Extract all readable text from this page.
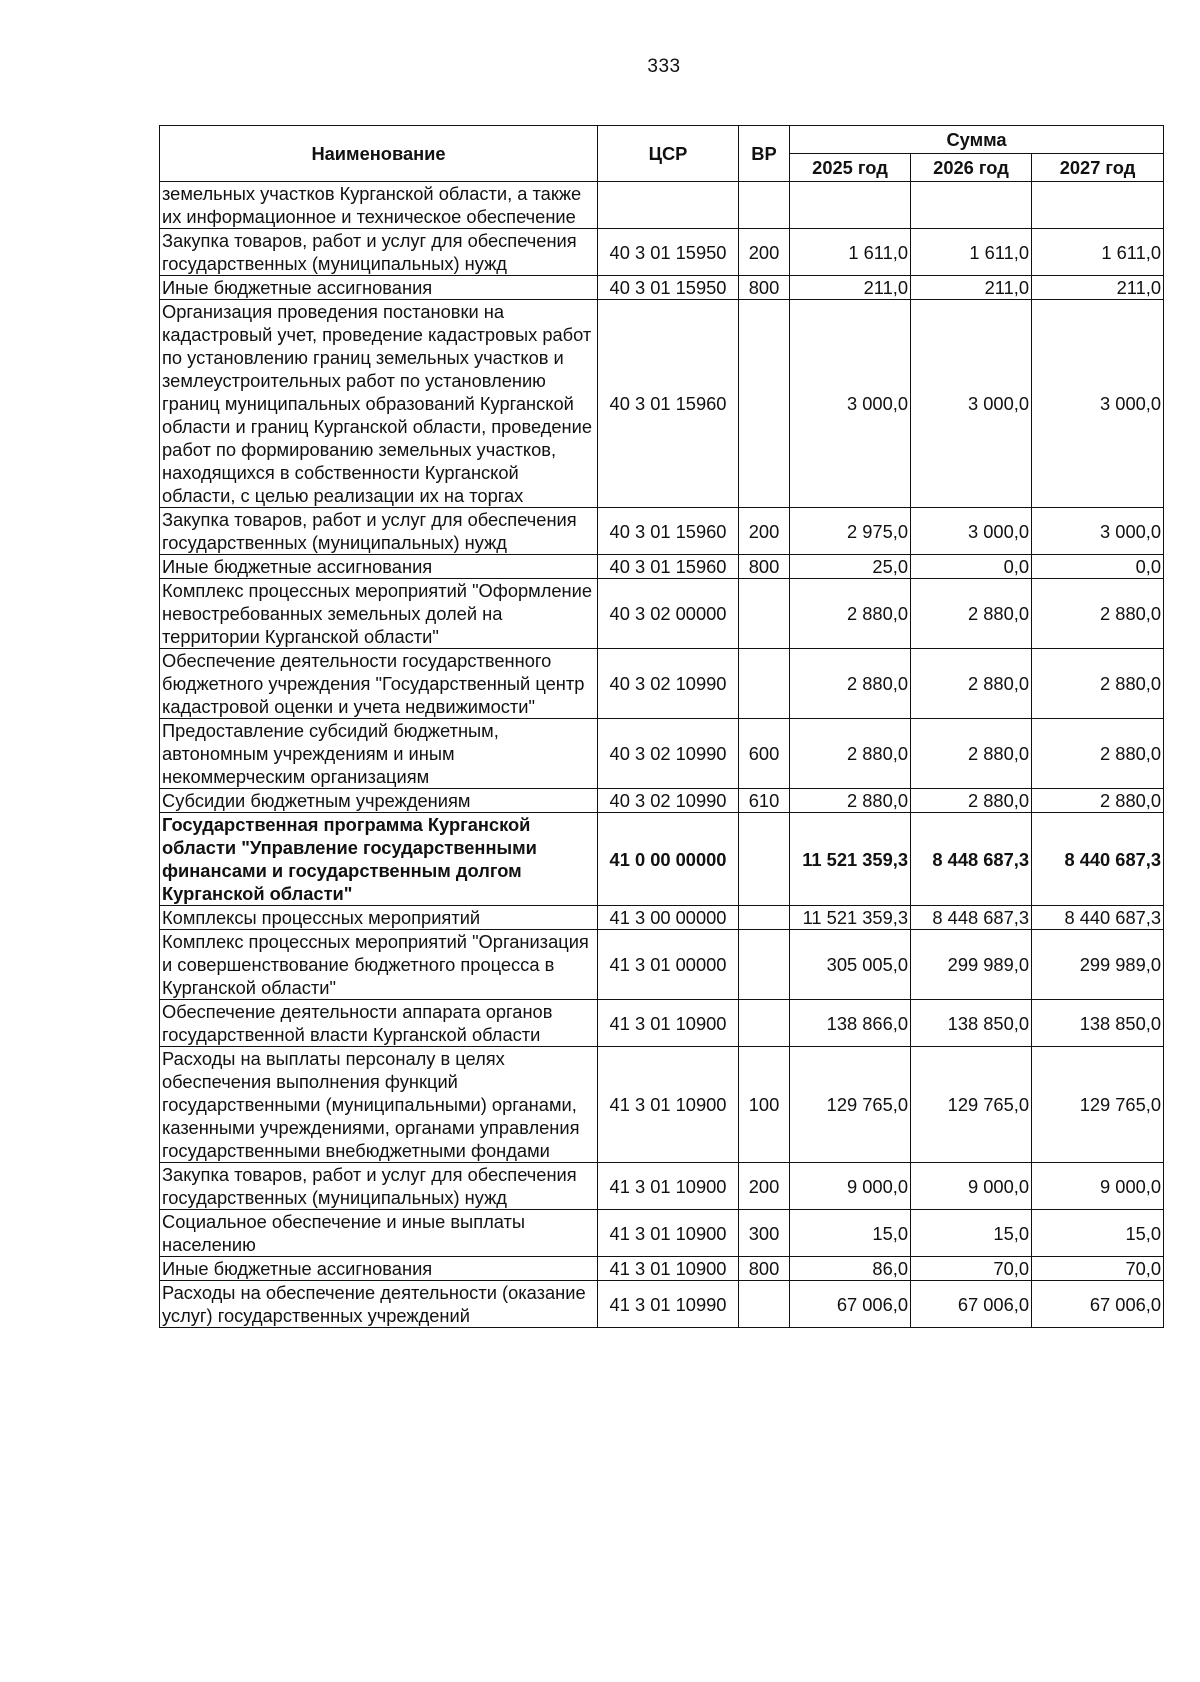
333
Наименование	ЦСР	ВР	Сумма		
			2025 год	2026 год	2027 год
земельных участков Курганской области, а также их информационное и техническое обеспечение					
Закупка товаров, работ и услуг для обеспечения государственных (муниципальных) нужд	40 3 01 15950	200	1 611,0	1 611,0	1 611,0
Иные бюджетные ассигнования	40 3 01 15950	800	211,0	211,0	211,0
Организация проведения постановки на кадастровый учет, проведение кадастровых работ по установлению границ земельных участков и землеустроительных работ по установлению границ муниципальных образований Курганской области и границ Курганской области, проведение работ по формированию земельных участков, находящихся в собственности Курганской области, с целью реализации их на торгах	40 3 01 15960		3 000,0	3 000,0	3 000,0
Закупка товаров, работ и услуг для обеспечения государственных (муниципальных) нужд	40 3 01 15960	200	2 975,0	3 000,0	3 000,0
Иные бюджетные ассигнования	40 3 01 15960	800	25,0	0,0	0,0
Комплекс процессных мероприятий "Оформление невостребованных земельных долей на территории Курганской области"	40 3 02 00000		2 880,0	2 880,0	2 880,0
Обеспечение деятельности государственного бюджетного учреждения "Государственный центр кадастровой оценки и учета недвижимости"	40 3 02 10990		2 880,0	2 880,0	2 880,0
Предоставление субсидий бюджетным, автономным учреждениям и иным некоммерческим организациям	40 3 02 10990	600	2 880,0	2 880,0	2 880,0
Субсидии бюджетным учреждениям	40 3 02 10990	610	2 880,0	2 880,0	2 880,0
Государственная программа Курганской области "Управление государственными финансами и государственным долгом Курганской области"	41 0 00 00000		11 521 359,3	8 448 687,3	8 440 687,3
Комплексы процессных мероприятий	41 3 00 00000		11 521 359,3	8 448 687,3	8 440 687,3
Комплекс процессных мероприятий "Организация и совершенствование бюджетного процесса в Курганской области"	41 3 01 00000		305 005,0	299 989,0	299 989,0
Обеспечение деятельности аппарата органов государственной власти Курганской области	41 3 01 10900		138 866,0	138 850,0	138 850,0
Расходы на выплаты персоналу в целях обеспечения выполнения функций государственными (муниципальными) органами, казенными учреждениями, органами управления государственными внебюджетными фондами	41 3 01 10900	100	129 765,0	129 765,0	129 765,0
Закупка товаров, работ и услуг для обеспечения государственных (муниципальных) нужд	41 3 01 10900	200	9 000,0	9 000,0	9 000,0
Социальное обеспечение и иные выплаты населению	41 3 01 10900	300	15,0	15,0	15,0
Иные бюджетные ассигнования	41 3 01 10900	800	86,0	70,0	70,0
Расходы на обеспечение деятельности (оказание услуг) государственных учреждений	41 3 01 10990		67 006,0	67 006,0	67 006,0
